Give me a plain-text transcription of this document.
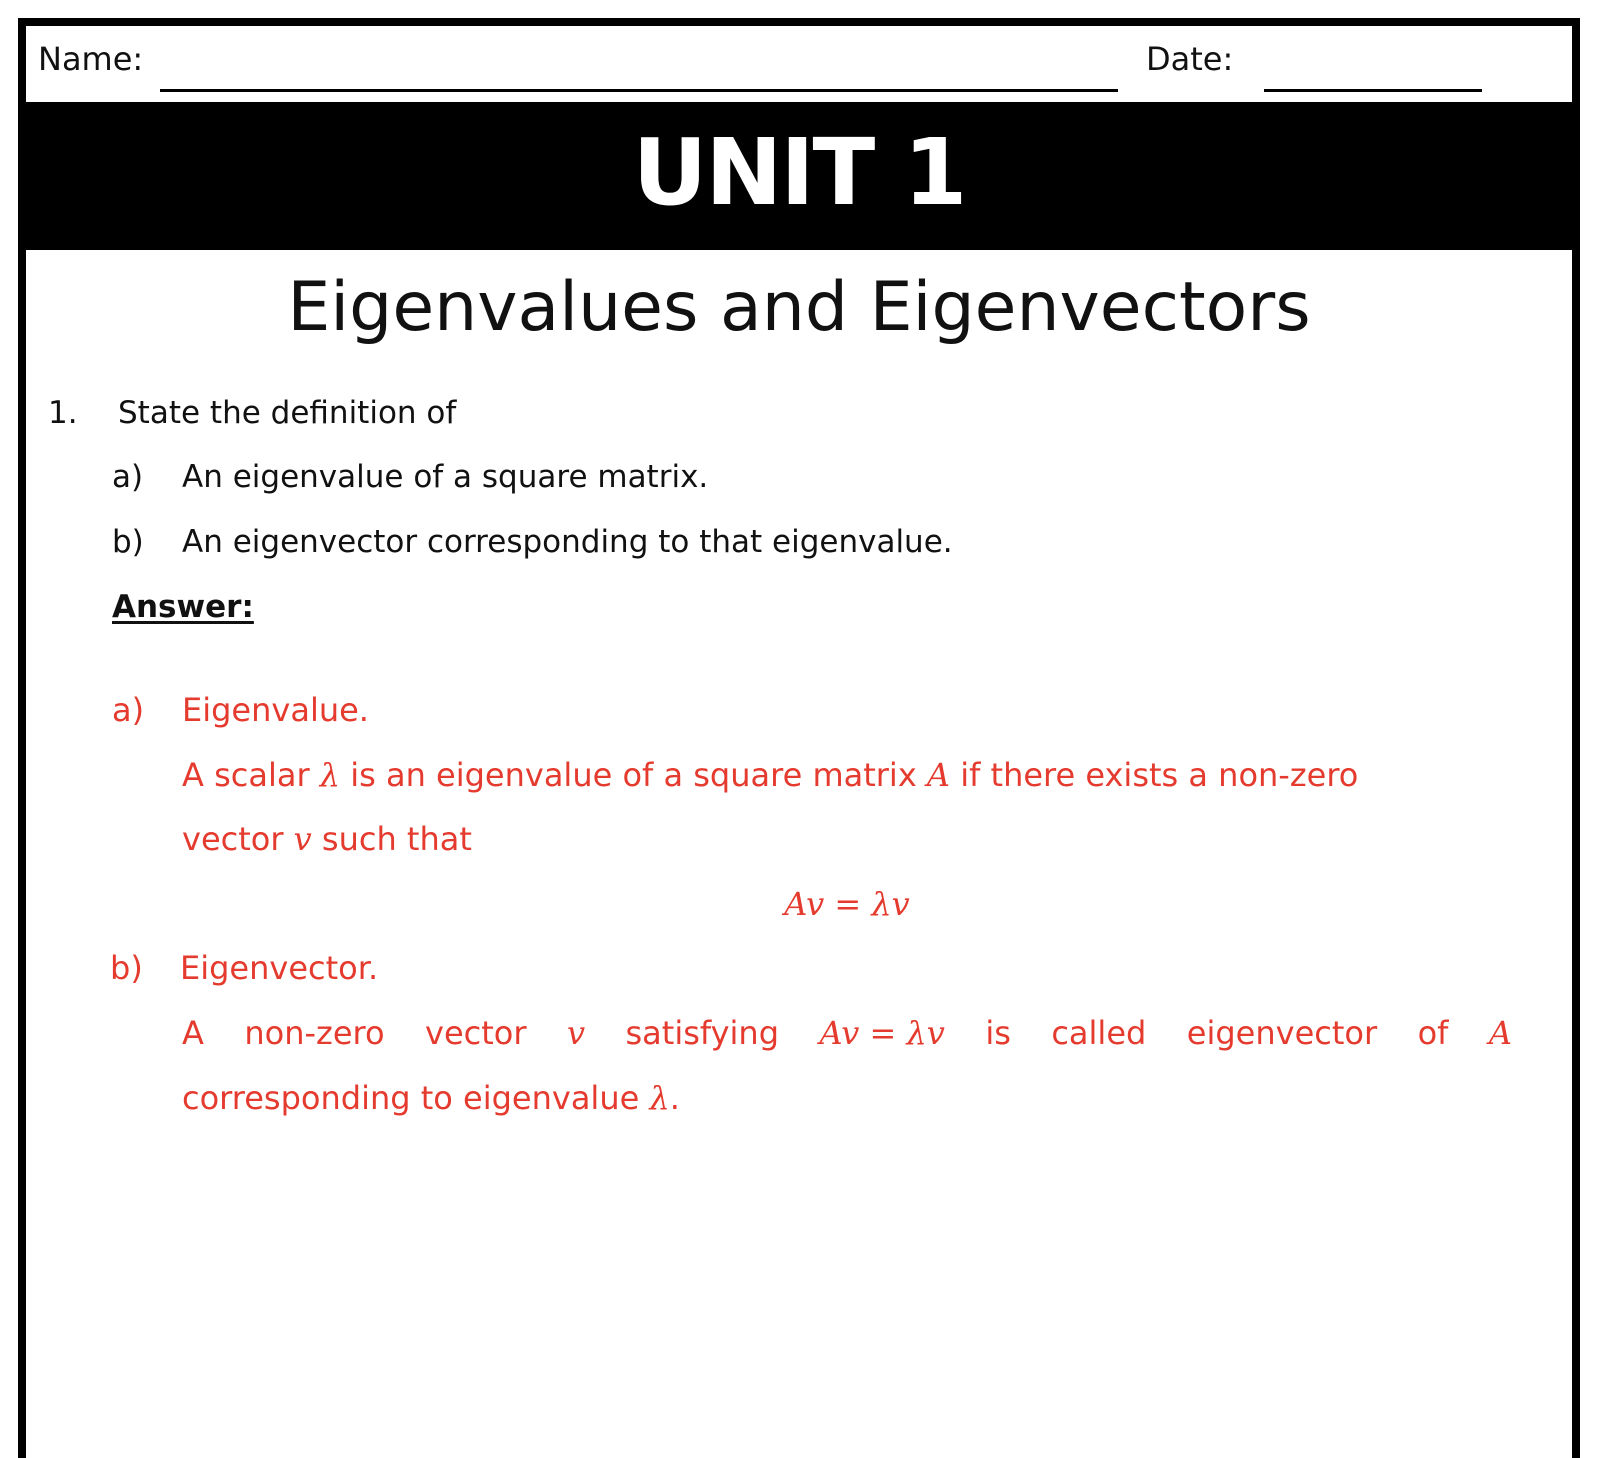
Name:	Date:
UNIT 1
Eigenvalues and Eigenvectors
1. State the definition of
a) An eigenvalue of a square matrix.
b) An eigenvector corresponding to that eigenvalue.
Answer:
a) Eigenvalue.
A scalar λ is an eigenvalue of a square matrix A if there exists a non-zero
vector v such that
Av = λv
b) Eigenvector.
A non-zero vector v satisfying Av = λv is called eigenvector of A
corresponding to eigenvalue λ.
